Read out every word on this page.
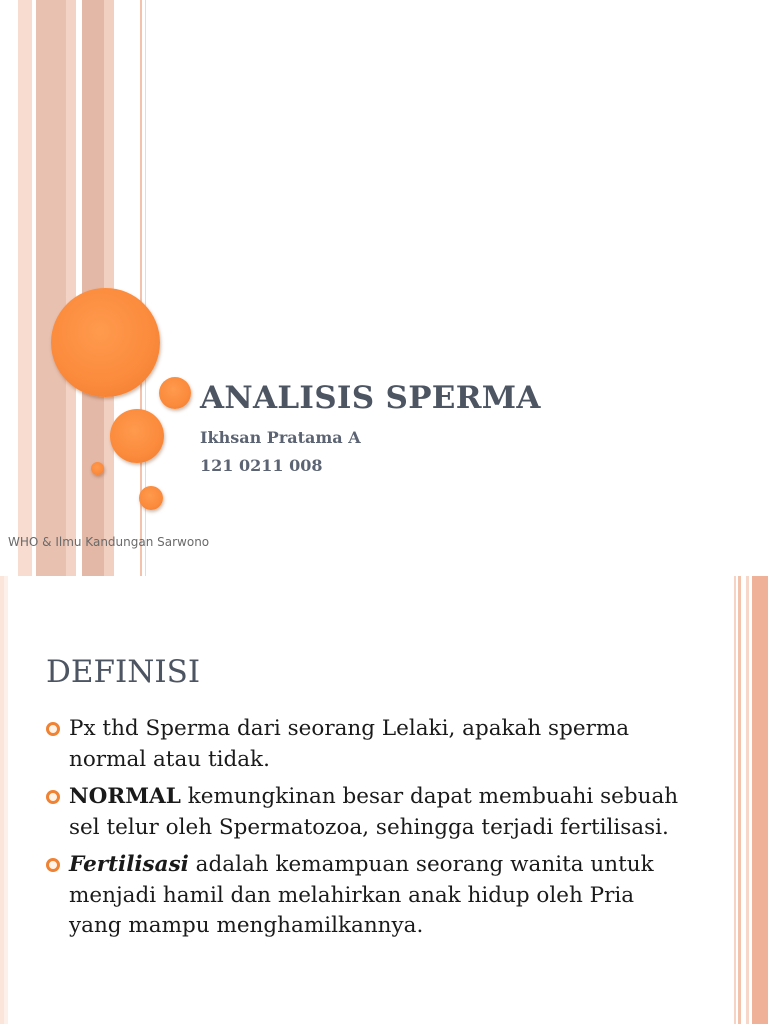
ANALISIS SPERMA
Ikhsan Pratama A
121 0211 008
WHO & Ilmu Kandungan Sarwono
DEFINISI
Px thd Sperma dari seorang Lelaki, apakah sperma normal atau tidak.
NORMAL kemungkinan besar dapat membuahi sebuah sel telur oleh Spermatozoa, sehingga terjadi fertilisasi.
Fertilisasi adalah kemampuan seorang wanita untuk menjadi hamil dan melahirkan anak hidup oleh Pria yang mampu menghamilkannya.
